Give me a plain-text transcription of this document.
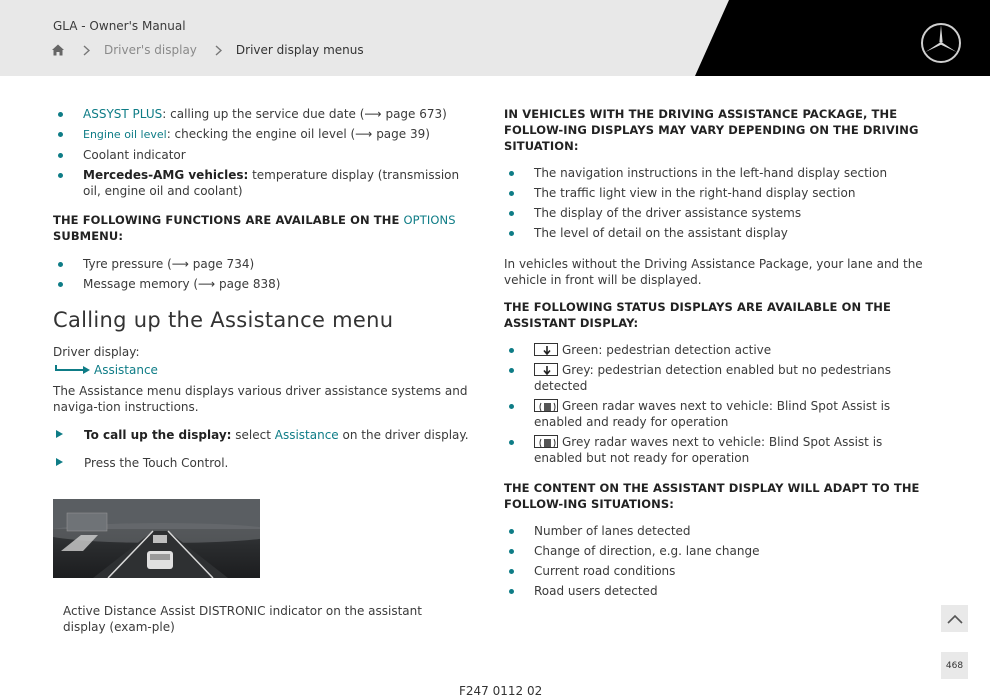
GLA - Owner's Manual
Driver's display	Driver display menus
ASSYST PLUS: calling up the service due date (⟶ page 673)
Engine oil level: checking the engine oil level (⟶ page 39)
Coolant indicator
Mercedes-AMG vehicles: temperature display (transmission oil, engine oil and coolant)
THE FOLLOWING FUNCTIONS ARE AVAILABLE ON THE OPTIONS SUBMENU:
Tyre pressure (⟶ page 734)
Message memory (⟶ page 838)
Calling up the Assistance menu
Driver display:
Assistance
The Assistance menu displays various driver assistance systems and naviga-tion instructions.
To call up the display: select Assistance on the driver display.
Press the Touch Control.
Active Distance Assist DISTRONIC indicator on the assistant display (exam-ple)
IN VEHICLES WITH THE DRIVING ASSISTANCE PACKAGE, THE FOLLOW-ING DISPLAYS MAY VARY DEPENDING ON THE DRIVING SITUATION:
The navigation instructions in the left-hand display section
The traffic light view in the right-hand display section
The display of the driver assistance systems
The level of detail on the assistant display
In vehicles without the Driving Assistance Package, your lane and the vehicle in front will be displayed.
THE FOLLOWING STATUS DISPLAYS ARE AVAILABLE ON THE ASSISTANT DISPLAY:
Green: pedestrian detection active
Grey: pedestrian detection enabled but no pedestrians detected
Green radar waves next to vehicle: Blind Spot Assist is enabled and ready for operation
Grey radar waves next to vehicle: Blind Spot Assist is enabled but not ready for operation
THE CONTENT ON THE ASSISTANT DISPLAY WILL ADAPT TO THE FOLLOW-ING SITUATIONS:
Number of lanes detected
Change of direction, e.g. lane change
Current road conditions
Road users detected
468
F247 0112 02
